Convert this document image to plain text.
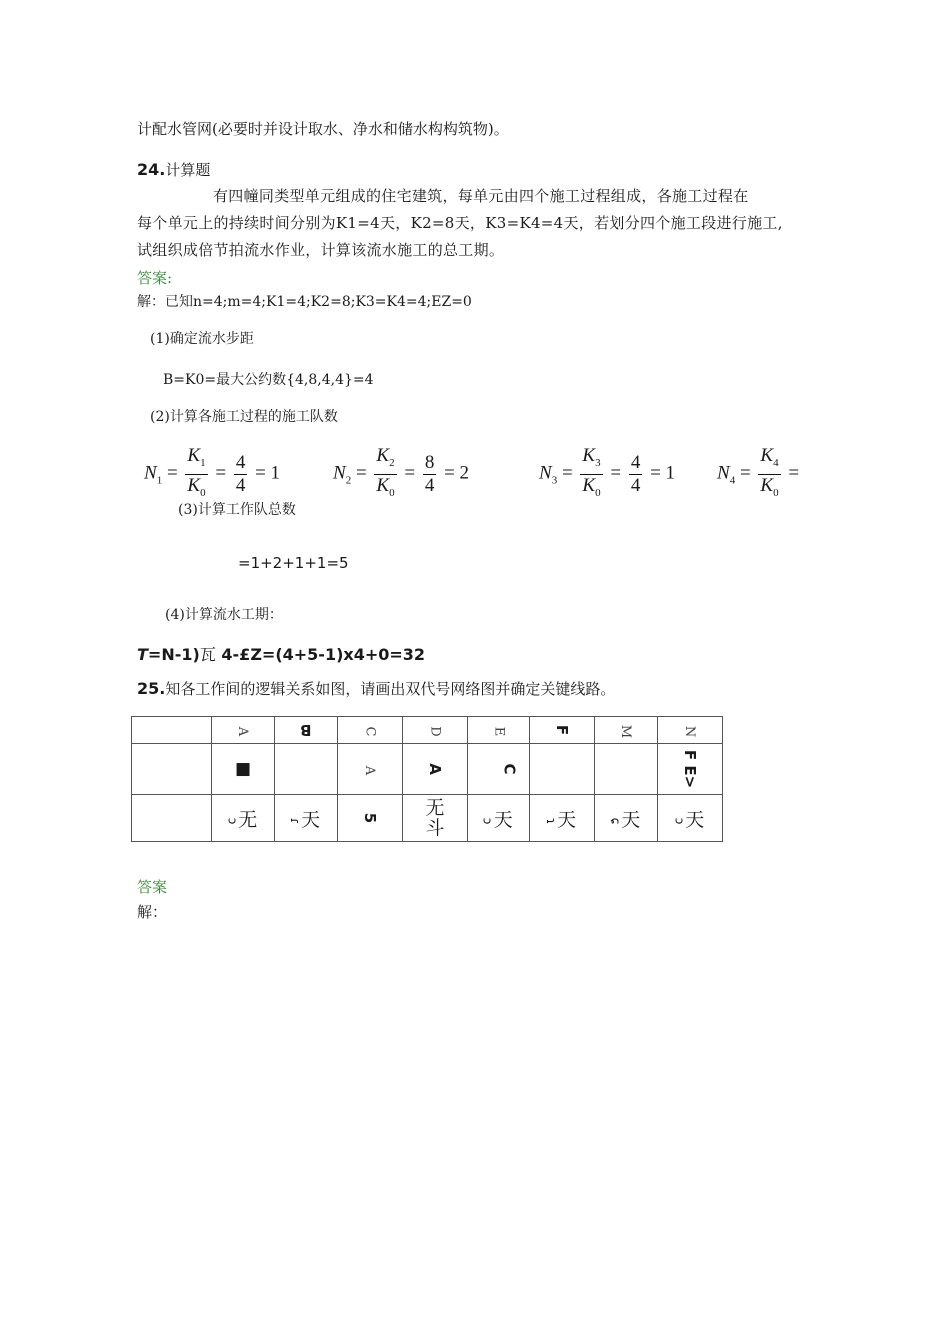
计配水管网(必要时并设计取水、净水和储水构构筑物)。
24.计算题
有四幢同类型单元组成的住宅建筑，每单元由四个施工过程组成，各施工过程在
每个单元上的持续时间分别为K1=4天，K2=8天，K3=K4=4天，若划分四个施工段进行施工,
试组织成倍节拍流水作业，计算该流水施工的总工期。
答案:
解：已知n=4;m=4;K1=4;K2=8;K3=K4=4;EZ=0
(1)确定流水步距
B=K0=最大公约数{4,8,4,4}=4
(2)计算各施工过程的施工队数
$N_1 = \frac{K_1}{K_0} = \frac{4}{4} = 1$	$N_2 = \frac{K_2}{K_0} = \frac{8}{4} = 2$	$N_3 = \frac{K_3}{K_0} = \frac{4}{4} = 1$ $N_4 = \frac{K_4}{K_0}$ =
(3)计算工作队总数
=1+2+1+1=5
(4)计算流水工期：
T=N-1)瓦 4-£Z=(4+5-1)x4+0=32
25.知各工作间的逻辑关系如图，请画出双代号网络图并确定关键线路。
	A	B	C	D	E	F	M	N
	■		A	A	C			F E>
	ɔ无	ɾ天	5	无斗	ɔ天	ɿ天	ɕ天	ɔ天
答案
解：
